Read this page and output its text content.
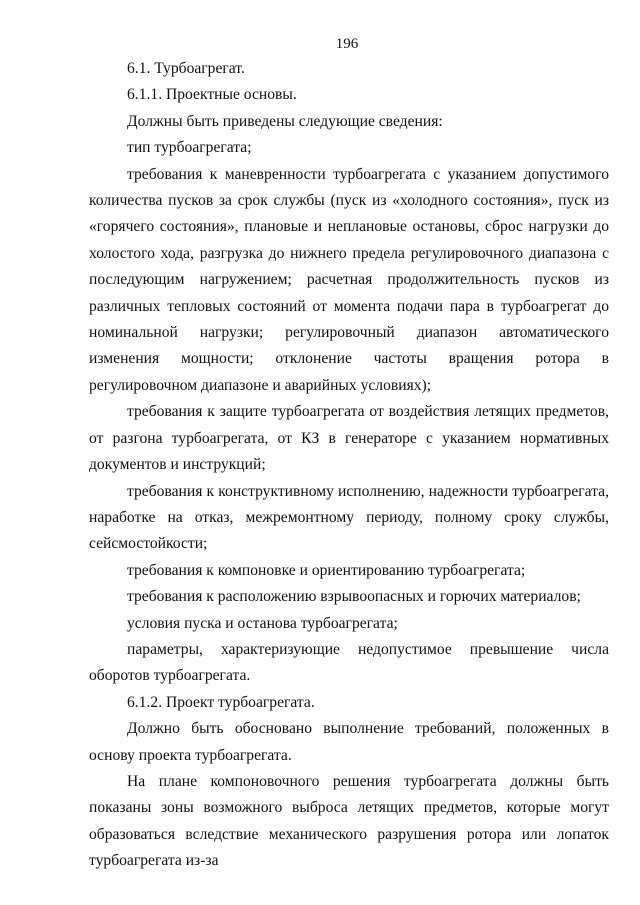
196

6.1. Турбоагрегат.

6.1.1. Проектные основы.

Должны быть приведены следующие сведения:

тип турбоагрегата;

требования к маневренности турбоагрегата с указанием допустимого количества пусков за срок службы (пуск из «холодного состояния», пуск из «горячего состояния», плановые и неплановые остановы, сброс нагрузки до холостого хода, разгрузка до нижнего предела регулировочного диапазона с последующим нагружением; расчетная продолжительность пусков из различных тепловых состояний от момента подачи пара в турбоагрегат до номинальной нагрузки; регулировочный диапазон автоматического изменения мощности; отклонение частоты вращения ротора в регулировочном диапазоне и аварийных условиях);

требования к защите турбоагрегата от воздействия летящих предметов, от разгона турбоагрегата, от КЗ в генераторе с указанием нормативных документов и инструкций;

требования к конструктивному исполнению, надежности турбоагрегата, наработке на отказ, межремонтному периоду, полному сроку службы, сейсмостойкости;

требования к компоновке и ориентированию турбоагрегата;

требования к расположению взрывоопасных и горючих материалов;

условия пуска и останова турбоагрегата;

параметры, характеризующие недопустимое превышение числа оборотов турбоагрегата.

6.1.2. Проект турбоагрегата.

Должно быть обосновано выполнение требований, положенных в основу проекта турбоагрегата.

На плане компоновочного решения турбоагрегата должны быть показаны зоны возможного выброса летящих предметов, которые могут образоваться вследствие механического разрушения ротора или лопаток турбоагрегата из-за
